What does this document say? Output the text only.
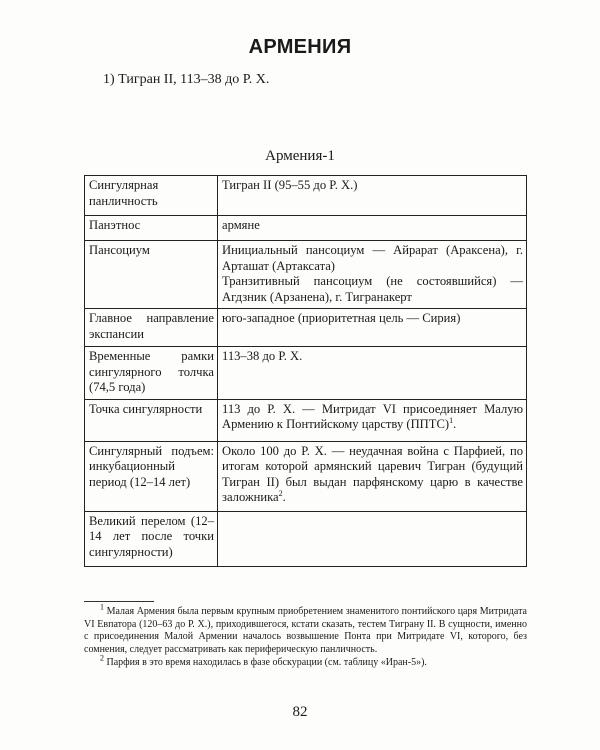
АРМЕНИЯ
1) Тигран II, 113–38 до Р. Х.
Армения-1
Сингулярная панличность	Тигран II (95–55 до Р. Х.)
Панэтнос	армяне
Пансоциум	Инициальный пансоциум — Айрарат (Араксена), г. Арташат (Артаксата)
Транзитивный пансоциум (не состоявшийся) — Агдзник (Арзанена), г. Тигранакерт

Главное направление экспансии	юго-западное (приоритетная цель — Сирия)
Временные рамки сингулярного толчка (74,5 года)	113–38 до Р. Х.
Точка сингулярности	113 до Р. Х. — Митридат VI присоединяет Малую Армению к Понтийскому царству (ППТС)$^1$.
Сингулярный подъем: инкубационный период (12–14 лет)	Около 100 до Р. Х. — неудачная война с Парфией, по итогам которой армянский царевич Тигран (будущий Тигран II) был выдан парфянскому царю в качестве заложника$^2$.
Великий перелом (12–14 лет после точки сингулярности)	

$^1$ Малая Армения была первым крупным приобретением знаменитого понтийского царя Митридата VI Евпатора (120–63 до Р. Х.), приходившегося, кстати сказать, тестем Тиграну II. В сущности, именно с присоединения Малой Армении началось возвышение Понта при Митридате VI, которого, без сомнения, следует рассматривать как периферическую панличность.

$^2$ Парфия в это время находилась в фазе обскурации (см. таблицу «Иран-5»).

82
